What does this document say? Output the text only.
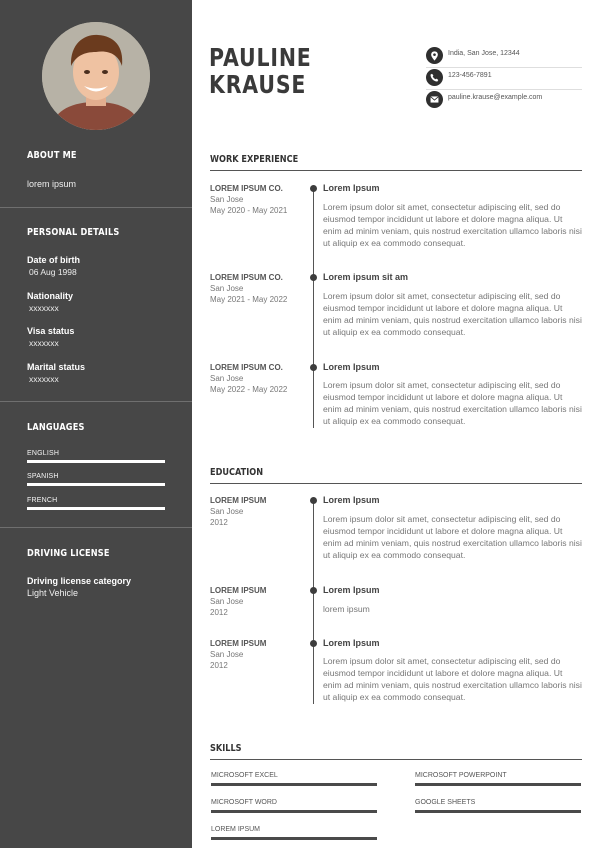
ABOUT ME
lorem ipsum
PERSONAL DETAILS
Date of birth
06 Aug 1998
Nationality
xxxxxxx
Visa status
xxxxxxx
Marital status
xxxxxxx
LANGUAGES
ENGLISH
SPANISH
FRENCH
DRIVING LICENSE
Driving license category
Light Vehicle
PAULINE
KRAUSE
India, San Jose, 12344
123-456-7891
pauline.krause@example.com
WORK EXPERIENCE
LOREM IPSUM CO.
San Jose
May 2020 - May 2021
Lorem Ipsum
Lorem ipsum dolor sit amet, consectetur adipiscing elit, sed do eiusmod tempor incididunt ut labore et dolore magna aliqua. Ut enim ad minim veniam, quis nostrud exercitation ullamco laboris nisi ut aliquip ex ea commodo consequat.
LOREM IPSUM CO.
San Jose
May 2021 - May 2022
Lorem ipsum sit am
Lorem ipsum dolor sit amet, consectetur adipiscing elit, sed do eiusmod tempor incididunt ut labore et dolore magna aliqua. Ut enim ad minim veniam, quis nostrud exercitation ullamco laboris nisi ut aliquip ex ea commodo consequat.
LOREM IPSUM CO.
San Jose
May 2022 - May 2022
Lorem Ipsum
Lorem ipsum dolor sit amet, consectetur adipiscing elit, sed do eiusmod tempor incididunt ut labore et dolore magna aliqua. Ut enim ad minim veniam, quis nostrud exercitation ullamco laboris nisi ut aliquip ex ea commodo consequat.
EDUCATION
LOREM IPSUM
San Jose
2012
Lorem Ipsum
Lorem ipsum dolor sit amet, consectetur adipiscing elit, sed do eiusmod tempor incididunt ut labore et dolore magna aliqua. Ut enim ad minim veniam, quis nostrud exercitation ullamco laboris nisi ut aliquip ex ea commodo consequat.
LOREM IPSUM
San Jose
2012
Lorem Ipsum
lorem ipsum
LOREM IPSUM
San Jose
2012
Lorem Ipsum
Lorem ipsum dolor sit amet, consectetur adipiscing elit, sed do eiusmod tempor incididunt ut labore et dolore magna aliqua. Ut enim ad minim veniam, quis nostrud exercitation ullamco laboris nisi ut aliquip ex ea commodo consequat.
SKILLS
MICROSOFT EXCEL	MICROSOFT POWERPOINT
MICROSOFT WORD	GOOGLE SHEETS
LOREM IPSUM
